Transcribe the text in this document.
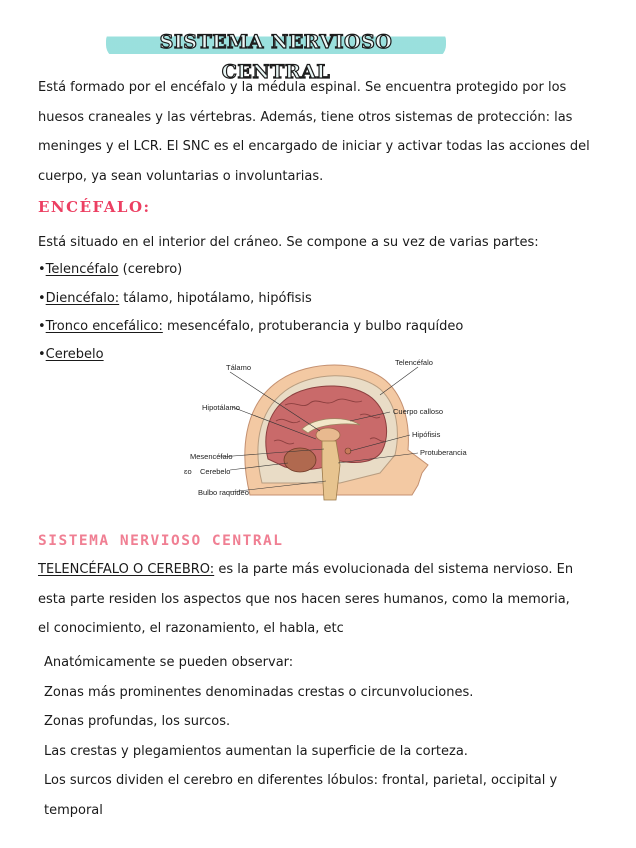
SISTEMA NERVIOSO CENTRAL
Está formado por el encéfalo y la médula espinal. Se encuentra protegido por los
huesos craneales y las vértebras. Además, tiene otros sistemas de protección: las
meninges y el LCR. El SNC es el encargado de iniciar y activar todas las acciones del
cuerpo, ya sean voluntarias o involuntarias.
ENCÉFALO:
Está situado en el interior del cráneo. Se compone a su vez de varias partes:
•Telencéfalo (cerebro)
•Diencéfalo: tálamo, hipotálamo, hipófisis
•Tronco encefálico: mesencéfalo, protuberancia y bulbo raquídeo
•Cerebelo
Tálamo
Telencéfalo
Hipotálamo	Cuerpo calloso
Hipófisis
Mesencéfalo	Protuberancia
ɛo Cerebelo
Bulbo raquídeo
SISTEMA NERVIOSO CENTRAL
TELENCÉFALO O CEREBRO: es la parte más evolucionada del sistema nervioso. En
esta parte residen los aspectos que nos hacen seres humanos, como la memoria,
el conocimiento, el razonamiento, el habla, etc
Anatómicamente se pueden observar:
Zonas más prominentes denominadas crestas o circunvoluciones.
Zonas profundas, los surcos.
Las crestas y plegamientos aumentan la superficie de la corteza.
Los surcos dividen el cerebro en diferentes lóbulos: frontal, parietal, occipital y
temporal
